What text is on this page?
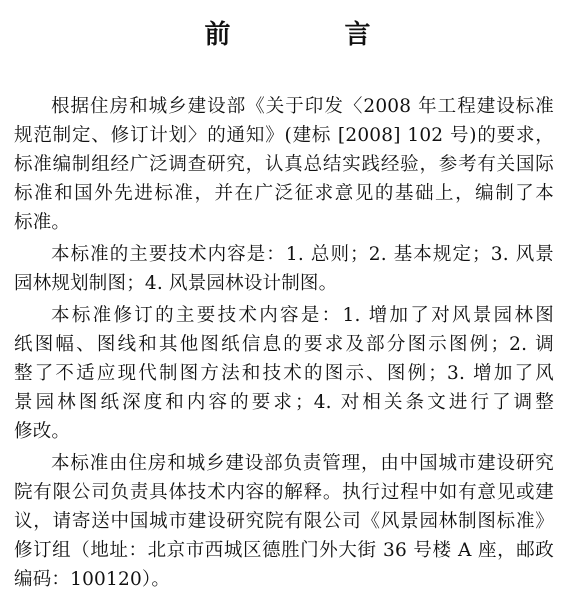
前　言
根据住房和城乡建设部《关于印发〈2008 年工程建设标准
规范制定、修订计划〉的通知》(建标 [2008] 102 号)的要求，
标准编制组经广泛调查研究，认真总结实践经验，参考有关国际
标准和国外先进标准，并在广泛征求意见的基础上，编制了本
标准。
本标准的主要技术内容是：1. 总则；2. 基本规定；3. 风景
园林规划制图；4. 风景园林设计制图。
本标准修订的主要技术内容是：1. 增加了对风景园林图
纸图幅、图线和其他图纸信息的要求及部分图示图例；2. 调
整了不适应现代制图方法和技术的图示、图例；3. 增加了风
景园林图纸深度和内容的要求；4. 对相关条文进行了调整
修改。
本标准由住房和城乡建设部负责管理，由中国城市建设研究
院有限公司负责具体技术内容的解释。执行过程中如有意见或建
议，请寄送中国城市建设研究院有限公司《风景园林制图标准》
修订组（地址：北京市西城区德胜门外大街 36 号楼 A 座，邮政
编码：100120）。
